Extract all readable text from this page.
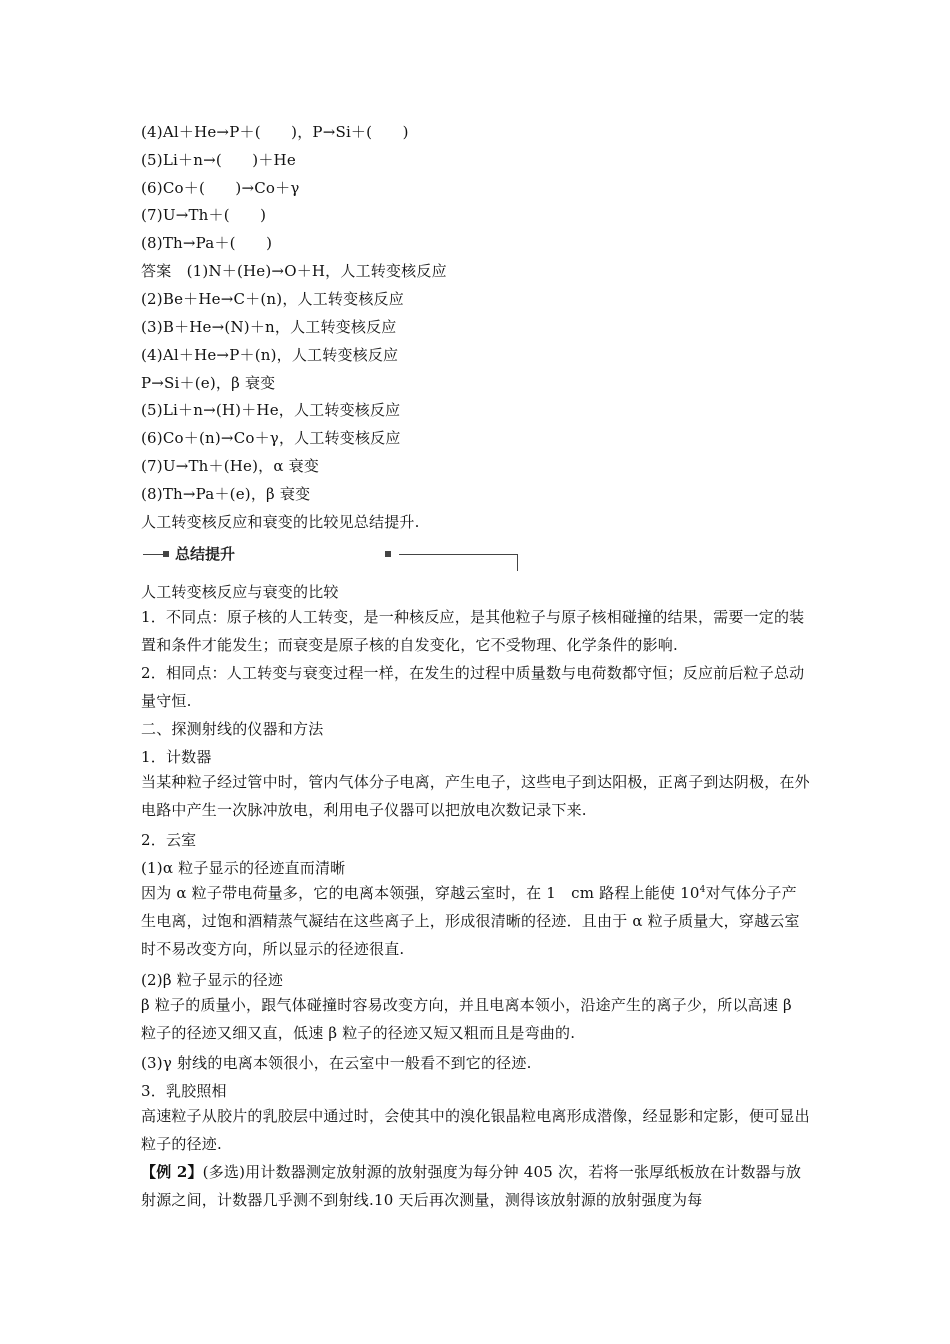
(4)Al＋He→P＋(　　)，P→Si＋(　　)
(5)Li＋n→(　　)＋He
(6)Co＋(　　)→Co＋γ
(7)U→Th＋(　　)
(8)Th→Pa＋(　　)
答案　(1)N＋(He)→O＋H，人工转变核反应
(2)Be＋He→C＋(n)，人工转变核反应
(3)B＋He→(N)＋n，人工转变核反应
(4)Al＋He→P＋(n)，人工转变核反应
P→Si＋(e)，β 衰变
(5)Li＋n→(H)＋He，人工转变核反应
(6)Co＋(n)→Co＋γ，人工转变核反应
(7)U→Th＋(He)，α 衰变
(8)Th→Pa＋(e)，β 衰变
人工转变核反应和衰变的比较见总结提升.
总结提升
人工转变核反应与衰变的比较
1．不同点：原子核的人工转变，是一种核反应，是其他粒子与原子核相碰撞的结果，需要一定的装置和条件才能发生；而衰变是原子核的自发变化，它不受物理、化学条件的影响.
2．相同点：人工转变与衰变过程一样，在发生的过程中质量数与电荷数都守恒；反应前后粒子总动量守恒.
二、探测射线的仪器和方法
1．计数器
当某种粒子经过管中时，管内气体分子电离，产生电子，这些电子到达阳极，正离子到达阴极，在外电路中产生一次脉冲放电，利用电子仪器可以把放电次数记录下来.
2．云室
(1)α 粒子显示的径迹直而清晰
因为 α 粒子带电荷量多，它的电离本领强，穿越云室时，在 1　cm 路程上能使 $10^4$对气体分子产生电离，过饱和酒精蒸气凝结在这些离子上，形成很清晰的径迹．且由于 α 粒子质量大，穿越云室时不易改变方向，所以显示的径迹很直.
(2)β 粒子显示的径迹
β 粒子的质量小，跟气体碰撞时容易改变方向，并且电离本领小，沿途产生的离子少，所以高速 β 粒子的径迹又细又直，低速 β 粒子的径迹又短又粗而且是弯曲的.
(3)γ 射线的电离本领很小，在云室中一般看不到它的径迹.
3．乳胶照相
高速粒子从胶片的乳胶层中通过时，会使其中的溴化银晶粒电离形成潜像，经显影和定影，便可显出粒子的径迹.
【例 2】(多选)用计数器测定放射源的放射强度为每分钟 405 次，若将一张厚纸板放在计数器与放射源之间，计数器几乎测不到射线.10 天后再次测量，测得该放射源的放射强度为每
